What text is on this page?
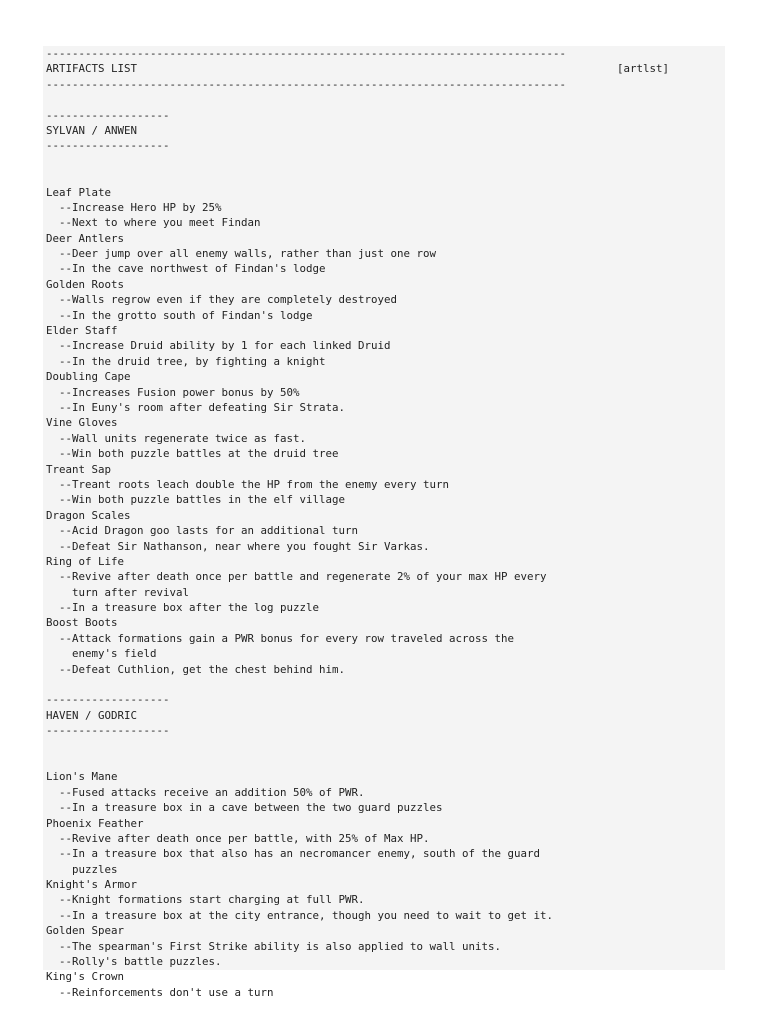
--------------------------------------------------------------------------------
ARTIFACTS LIST	[artlst]
--------------------------------------------------------------------------------
-------------------
SYLVAN / ANWEN
-------------------
Leaf Plate
--Increase Hero HP by 25%
--Next to where you meet Findan
Deer Antlers
--Deer jump over all enemy walls, rather than just one row
--In the cave northwest of Findan's lodge
Golden Roots
--Walls regrow even if they are completely destroyed
--In the grotto south of Findan's lodge
Elder Staff
--Increase Druid ability by 1 for each linked Druid
--In the druid tree, by fighting a knight
Doubling Cape
--Increases Fusion power bonus by 50%
--In Euny's room after defeating Sir Strata.
Vine Gloves
--Wall units regenerate twice as fast.
--Win both puzzle battles at the druid tree
Treant Sap
--Treant roots leach double the HP from the enemy every turn
--Win both puzzle battles in the elf village
Dragon Scales
--Acid Dragon goo lasts for an additional turn
--Defeat Sir Nathanson, near where you fought Sir Varkas.
Ring of Life
--Revive after death once per battle and regenerate 2% of your max HP every
turn after revival
--In a treasure box after the log puzzle
Boost Boots
--Attack formations gain a PWR bonus for every row traveled across the
enemy's field
--Defeat Cuthlion, get the chest behind him.
-------------------
HAVEN / GODRIC
-------------------
Lion's Mane
--Fused attacks receive an addition 50% of PWR.
--In a treasure box in a cave between the two guard puzzles
Phoenix Feather
--Revive after death once per battle, with 25% of Max HP.
--In a treasure box that also has an necromancer enemy, south of the guard
puzzles
Knight's Armor
--Knight formations start charging at full PWR.
--In a treasure box at the city entrance, though you need to wait to get it.
Golden Spear
--The spearman's First Strike ability is also applied to wall units.
--Rolly's battle puzzles.
King's Crown
--Reinforcements don't use a turn
